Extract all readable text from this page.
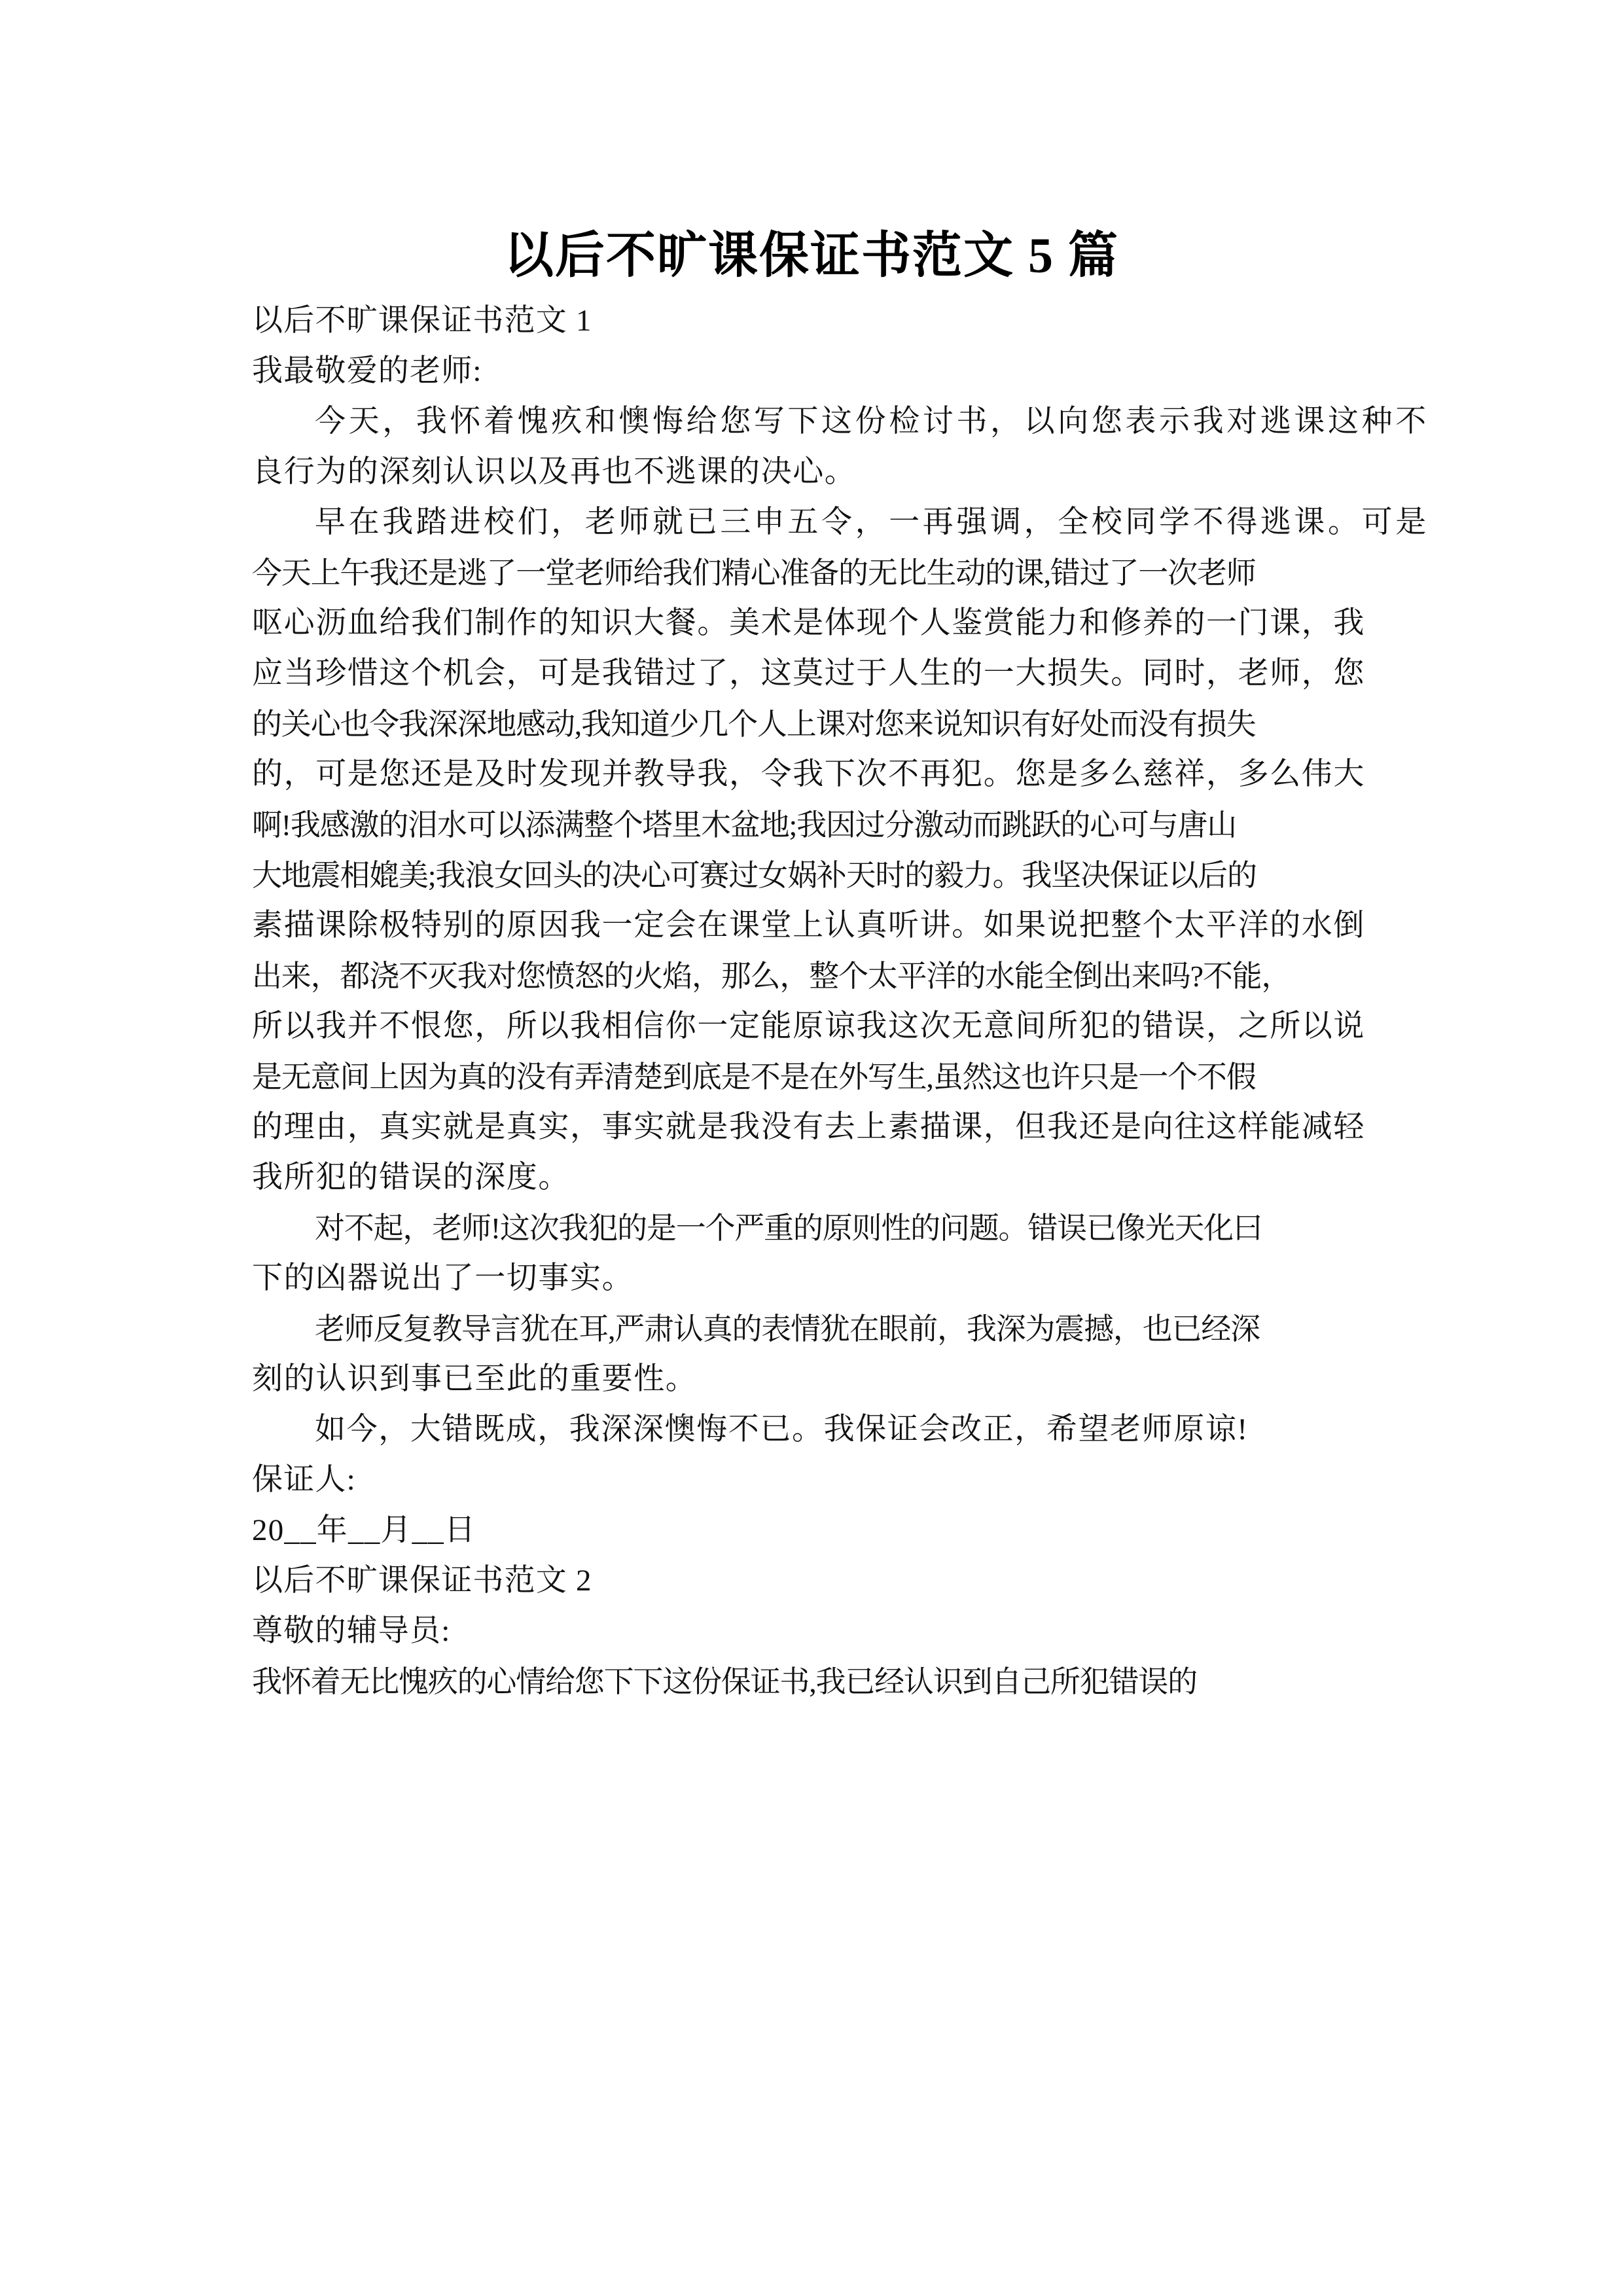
以后不旷课保证书范文 5 篇
以后不旷课保证书范文 1
我最敬爱的老师:
今天，我怀着愧疚和懊悔给您写下这份检讨书，以向您表示我对逃课这种不
良行为的深刻认识以及再也不逃课的决心。
早在我踏进校们，老师就已三申五令，一再强调，全校同学不得逃课。可是
今天上午我还是逃了一堂老师给我们精心准备的无比生动的课,错过了一次老师
呕心沥血给我们制作的知识大餐。美术是体现个人鉴赏能力和修养的一门课，我
应当珍惜这个机会，可是我错过了，这莫过于人生的一大损失。同时，老师，您
的关心也令我深深地感动,我知道少几个人上课对您来说知识有好处而没有损失
的，可是您还是及时发现并教导我，令我下次不再犯。您是多么慈祥，多么伟大
啊!我感激的泪水可以添满整个塔里木盆地;我因过分激动而跳跃的心可与唐山
大地震相媲美;我浪女回头的决心可赛过女娲补天时的毅力。我坚决保证以后的
素描课除极特别的原因我一定会在课堂上认真听讲。如果说把整个太平洋的水倒
出来，都浇不灭我对您愤怒的火焰，那么，整个太平洋的水能全倒出来吗?不能，
所以我并不恨您，所以我相信你一定能原谅我这次无意间所犯的错误，之所以说
是无意间上因为真的没有弄清楚到底是不是在外写生,虽然这也许只是一个不假
的理由，真实就是真实，事实就是我没有去上素描课，但我还是向往这样能减轻
我所犯的错误的深度。
对不起，老师!这次我犯的是一个严重的原则性的问题。错误已像光天化曰
下的凶器说出了一切事实。
老师反复教导言犹在耳,严肃认真的表情犹在眼前，我深为震撼，也已经深
刻的认识到事已至此的重要性。
如今，大错既成，我深深懊悔不已。我保证会改正，希望老师原谅!
保证人:
20__年__月__日
以后不旷课保证书范文 2
尊敬的辅导员:
我怀着无比愧疚的心情给您下下这份保证书,我已经认识到自己所犯错误的
